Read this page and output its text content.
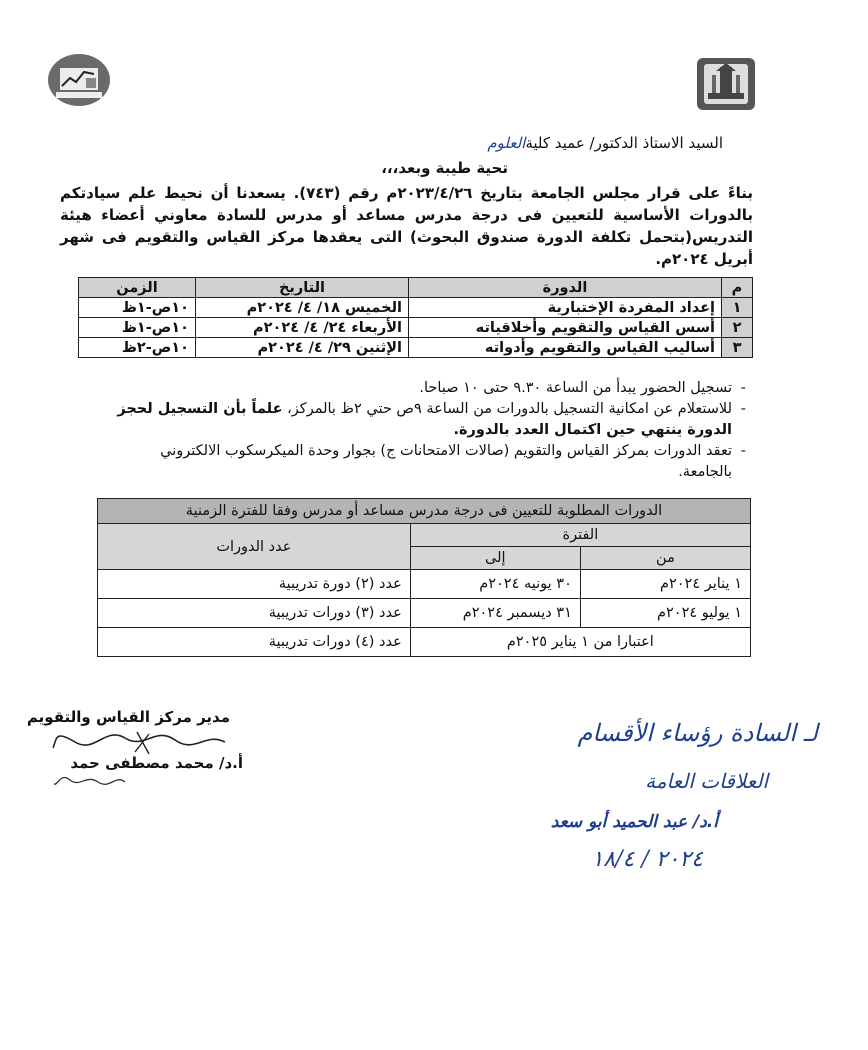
السيد الاستاذ الدكتور/ عميد كليةالعلوم
تحية طيبة وبعد،،،
بناءً على قرار مجلس الجامعة بتاريخ ٢٠٢٣/٤/٢٦م رقم (٧٤٣). يسعدنا أن نحيط علم سيادتكم بالدورات الأساسية للتعيين فى درجة مدرس مساعد أو مدرس للسادة معاوني أعضاء هيئة التدريس(بتحمل تكلفة الدورة صندوق البحوث) التى يعقدها مركز القياس والتقويم فى شهر أبريل ٢٠٢٤م.
م	الدورة	التاريخ	الزمن
١	إعداد المفردة الإختبارية	الخميس ١٨/ ٤/ ٢٠٢٤م	١٠ص-١ظ
٢	أسس القياس والتقويم وأخلاقياته	الأربعاء ٢٤/ ٤/ ٢٠٢٤م	١٠ص-١ظ
٣	أساليب القياس والتقويم وأدواته	الإثنين ٢٩/ ٤/ ٢٠٢٤م	١٠ص-٢ظ
- تسجيل الحضور يبدأ من الساعة ٩.٣٠ حتى ١٠ صباحا.
- للاستعلام عن امكانية التسجيل بالدورات من الساعة ٩ص حتي ٢ظ بالمركز، علماً بأن التسجيل لحجز الدورة ينتهي حين اكتمال العدد بالدورة.
- تعقد الدورات بمركز القياس والتقويم (صالات الامتحانات ج) بجوار وحدة الميكرسكوب الالكتروني بالجامعة.
الدورات المطلوبة للتعيين فى درجة مدرس مساعد أو مدرس وفقا للفترة الزمنية		
الفترة		عدد الدورات
من	إلى	
١ يناير ٢٠٢٤م	٣٠ يونيه ٢٠٢٤م	عدد (٢) دورة تدريبية
١ يوليو ٢٠٢٤م	٣١ ديسمبر ٢٠٢٤م	عدد (٣) دورات تدريبية
اعتبارا من ١ يناير ٢٠٢٥م		عدد (٤) دورات تدريبية
مدير مركز القياس والتقويم
أ.د/ محمد مصطفى حمد
لـ السادة رؤساء الأقسام
العلاقات العامة
أ.د/ عبد الحميد أبو سعد
٢٠٢٤ / ١٨/٤
